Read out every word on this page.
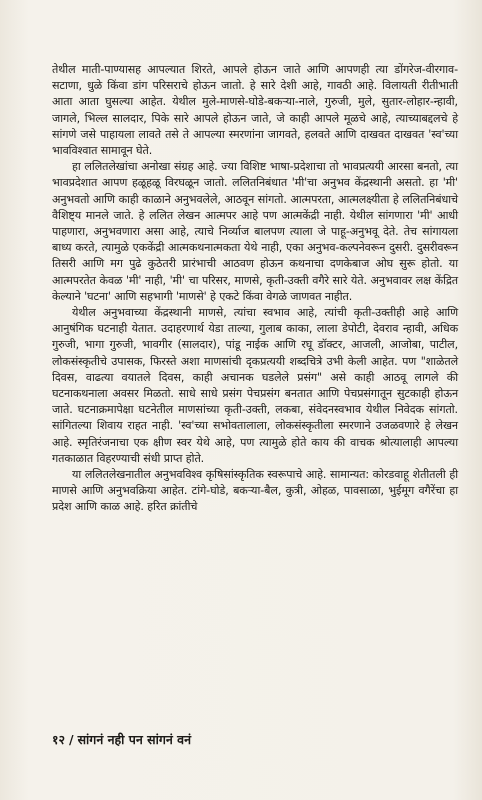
तेथील माती-पाण्यासह आपल्यात शिरते, आपले होऊन जाते आणि आपणही त्या डोंगरेज-वीरगाव-सटाणा, धुळे किंवा डांग परिसराचे होऊन जातो. हे सारे देशी आहे, गावठी आहे. विलायती रीतीभाती आता आता घुसल्या आहेत. येथील मुले-माणसे-घोडे-बकऱ्या-नाले, गुरुजी, मुले, सुतार-लोहार-न्हावी, जागले, भिल्ल सालदार, पिके सारे आपले होऊन जाते, जे काही आपले मूळचे आहे, त्याच्याबद्दलचे हे सांगणे जसे पाहायला लावते तसे ते आपल्या स्मरणांना जागवते, हलवते आणि दाखवत दाखवत 'स्व'च्या भावविश्वात सामावून घेते.

हा ललितलेखांचा अनोखा संग्रह आहे. ज्या विशिष्ट भाषा-प्रदेशाचा तो भावप्रत्ययी आरसा बनतो, त्या भावप्रदेशात आपण हळूहळू विरघळून जातो. ललितनिबंधात 'मी'चा अनुभव केंद्रस्थानी असतो. हा 'मी' अनुभवतो आणि काही काळाने अनुभवलेले, आठवून सांगतो. आत्मपरता, आत्मलक्ष्यीता हे ललितनिबंधाचे वैशिष्ट्य मानले जाते. हे ललित लेखन आत्मपर आहे पण आत्मकेंद्री नाही. येथील सांगणारा 'मी' आधी पाहणारा, अनुभवणारा असा आहे, त्याचे निर्व्याज बालपण त्याला जे पाहू-अनुभवू देते. तेच सांगायला बाध्य करते, त्यामुळे एककेंद्री आत्मकथनात्मकता येथे नाही, एका अनुभव-कल्पनेवरून दुसरी. दुसरीवरून तिसरी आणि मग पुढे कुठेतरी प्रारंभाची आठवण होऊन कथनाचा दणकेबाज ओघ सुरू होतो. या आत्मपरतेत केवळ 'मी' नाही, 'मी' चा परिसर, माणसे, कृती-उक्ती वगैरे सारे येते. अनुभवावर लक्ष केंद्रित केल्याने 'घटना' आणि सहभागी 'माणसे' हे एकटे किंवा वेगळे जाणवत नाहीत.

येथील अनुभवाच्या केंद्रस्थानी माणसे, त्यांचा स्वभाव आहे, त्यांची कृती-उक्तीही आहे आणि आनुषंगिक घटनाही येतात. उदाहरणार्थ येडा ताल्या, गुलाब काका, लाला डेपोटी, देवराव न्हावी, अधिक गुरुजी, भागा गुरुजी, भावगीर (सालदार), पांडू नाईक आणि रघू डॉक्टर, आजली, आजोबा, पाटील, लोकसंस्कृतीचे उपासक, फिरस्ते अशा माणसांची दृकप्रत्ययी शब्दचित्रे उभी केली आहेत. पण "शाळेतले दिवस, वाढत्या वयातले दिवस, काही अचानक घडलेले प्रसंग" असे काही आठवू लागले की घटनाकथनाला अवसर मिळतो. साधे साधे प्रसंग पेचप्रसंग बनतात आणि पेचप्रसंगातून सुटकाही होऊन जाते. घटनाक्रमापेक्षा घटनेतील माणसांच्या कृती-उक्ती, लकबा, संवेदनस्वभाव येथील निवेदक सांगतो. सांगितल्या शिवाय राहत नाही. 'स्व'च्या सभोवतालाला, लोकसंस्कृतीला स्मरणाने उजळवणारे हे लेखन आहे. स्मृतिरंजनाचा एक क्षीण स्वर येथे आहे, पण त्यामुळे होते काय की वाचक श्रोत्यालाही आपल्या गतकाळात विहरण्याची संधी प्राप्त होते.

या ललितलेखनातील अनुभवविश्व कृषिसांस्कृतिक स्वरूपाचे आहे. सामान्यत: कोरडवाहू शेतीतली ही माणसे आणि अनुभवक्रिया आहेत. टांगे-घोडे, बकऱ्या-बैल, कुत्री, ओहळ, पावसाळा, भुईमूग वगैरेंचा हा प्रदेश आणि काळ आहे. हरित क्रांतीचे

१२ / सांगनं नही पन सांगनं वनं
